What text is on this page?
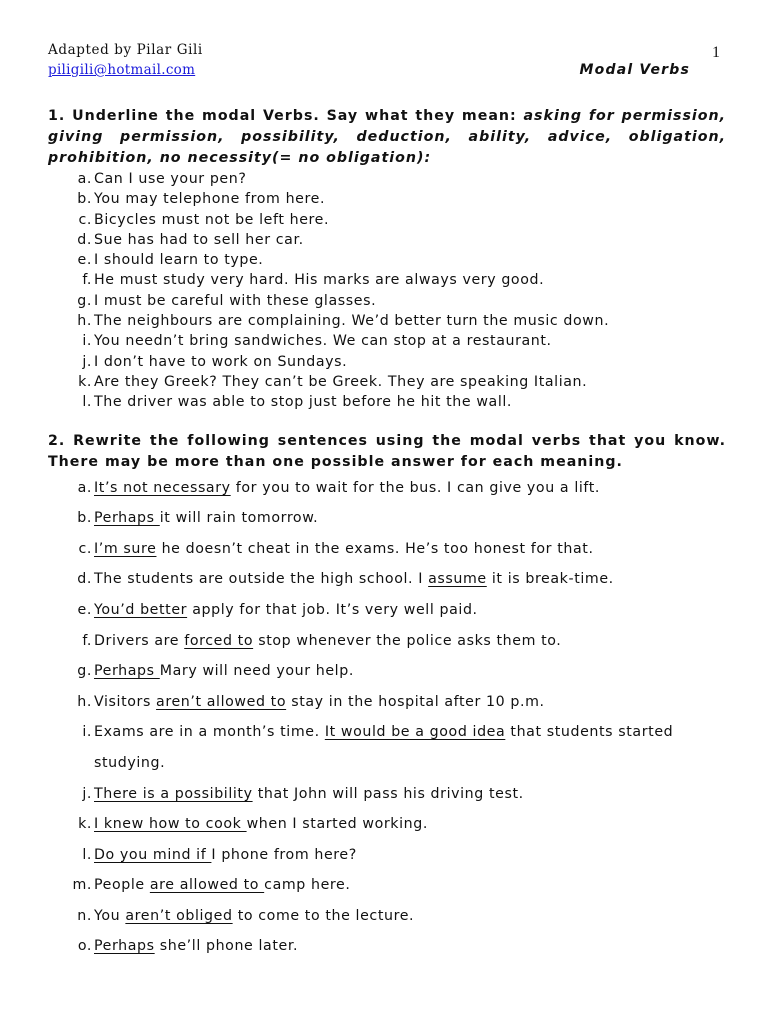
Adapted by Pilar Gili
piligili@hotmail.com
1
Modal Verbs
1. Underline the modal Verbs. Say what they mean: asking for permission, giving permission, possibility, deduction, ability, advice, obligation, prohibition, no necessity(= no obligation):
a. Can I use your pen?
b. You may telephone from here.
c. Bicycles must not be left here.
d. Sue has had to sell her car.
e. I should learn to type.
f. He must study very hard. His marks are always very good.
g. I must be careful with these glasses.
h. The neighbours are complaining. We’d better turn the music down.
i. You needn’t bring sandwiches. We can stop at a restaurant.
j. I don’t have to work on Sundays.
k. Are they Greek? They can’t be Greek. They are speaking Italian.
l. The driver was able to stop just before he hit the wall.
2. Rewrite the following sentences using the modal verbs that you know. There may be more than one possible answer for each meaning.
a. It’s not necessary for you to wait for the bus. I can give you a lift.
b. Perhaps it will rain tomorrow.
c. I’m sure he doesn’t cheat in the exams. He’s too honest for that.
d. The students are outside the high school. I assume it is break-time.
e. You’d better apply for that job. It’s very well paid.
f. Drivers are forced to stop whenever the police asks them to.
g. Perhaps Mary will need your help.
h. Visitors aren’t allowed to stay in the hospital after 10 p.m.
i. Exams are in a month’s time. It would be a good idea that students started studying.
j. There is a possibility that John will pass his driving test.
k. I knew how to cook when I started working.
l. Do you mind if I phone from here?
m. People are allowed to camp here.
n. You aren’t obliged to come to the lecture.
o. Perhaps she’ll phone later.
